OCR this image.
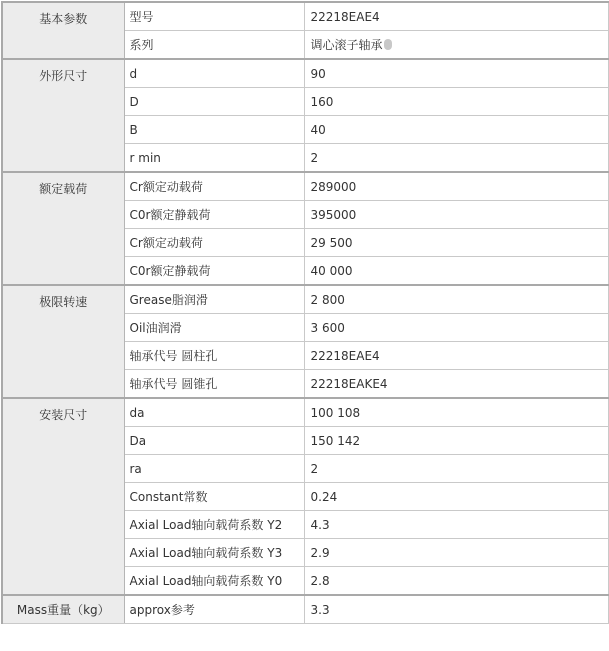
基本参数	型号	22218EAE4
	系列	调心滚子轴承
外形尺寸	d	90
	D	160
	B	40
	r min	2
额定载荷	Cr额定动载荷	289000
	C0r额定静载荷	395000
	Cr额定动载荷	29 500
	C0r额定静载荷	40 000
极限转速	Grease脂润滑	2 800
	Oil油润滑	3 600
	轴承代号 圆柱孔	22218EAE4
	轴承代号 圆锥孔	22218EAKE4
安装尺寸	da	100 108
	Da	150 142
	ra	2
	Constant常数	0.24
	Axial Load轴向载荷系数 Y2	4.3
	Axial Load轴向载荷系数 Y3	2.9
	Axial Load轴向载荷系数 Y0	2.8
Mass重量（kg）	approx参考	3.3
